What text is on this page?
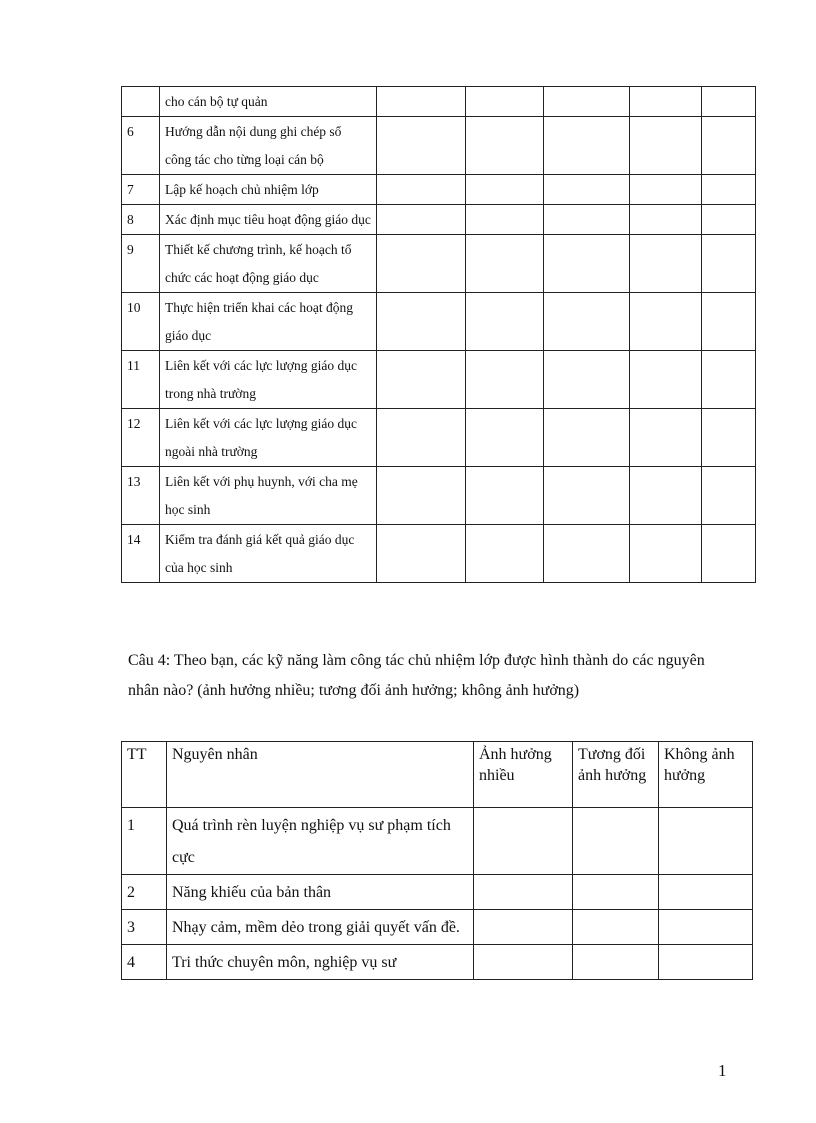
	cho cán bộ tự quản					
6	Hướng dẫn nội dung ghi chép sổ công tác cho từng loại cán bộ					
7	Lập kế hoạch chủ nhiệm lớp					
8	Xác định mục tiêu hoạt động giáo dục					
9	Thiết kế chương trình, kế hoạch tổ chức các hoạt động giáo dục					
10	Thực hiện triển khai các hoạt động giáo dục					
11	Liên kết với các lực lượng giáo dục trong nhà trường					
12	Liên kết với các lực lượng giáo dục ngoài nhà trường					
13	Liên kết với phụ huynh, với cha mẹ học sinh					
14	Kiểm tra đánh giá kết quả giáo dục của học sinh					

Câu 4: Theo bạn, các kỹ năng làm công tác chủ nhiệm lớp được hình thành do các nguyên nhân nào? (ảnh hưởng nhiều; tương đối ảnh hưởng; không ảnh hưởng)

TT	Nguyên nhân	Ảnh hưởng nhiều	Tương đối ảnh hưởng	Không ảnh hưởng
1	Quá trình rèn luyện nghiệp vụ sư phạm tích cực			
2	Năng khiếu của bản thân			
3	Nhạy cảm, mềm dẻo trong giải quyết vấn đề.			
4	Tri thức chuyên môn, nghiệp vụ sư			
1
